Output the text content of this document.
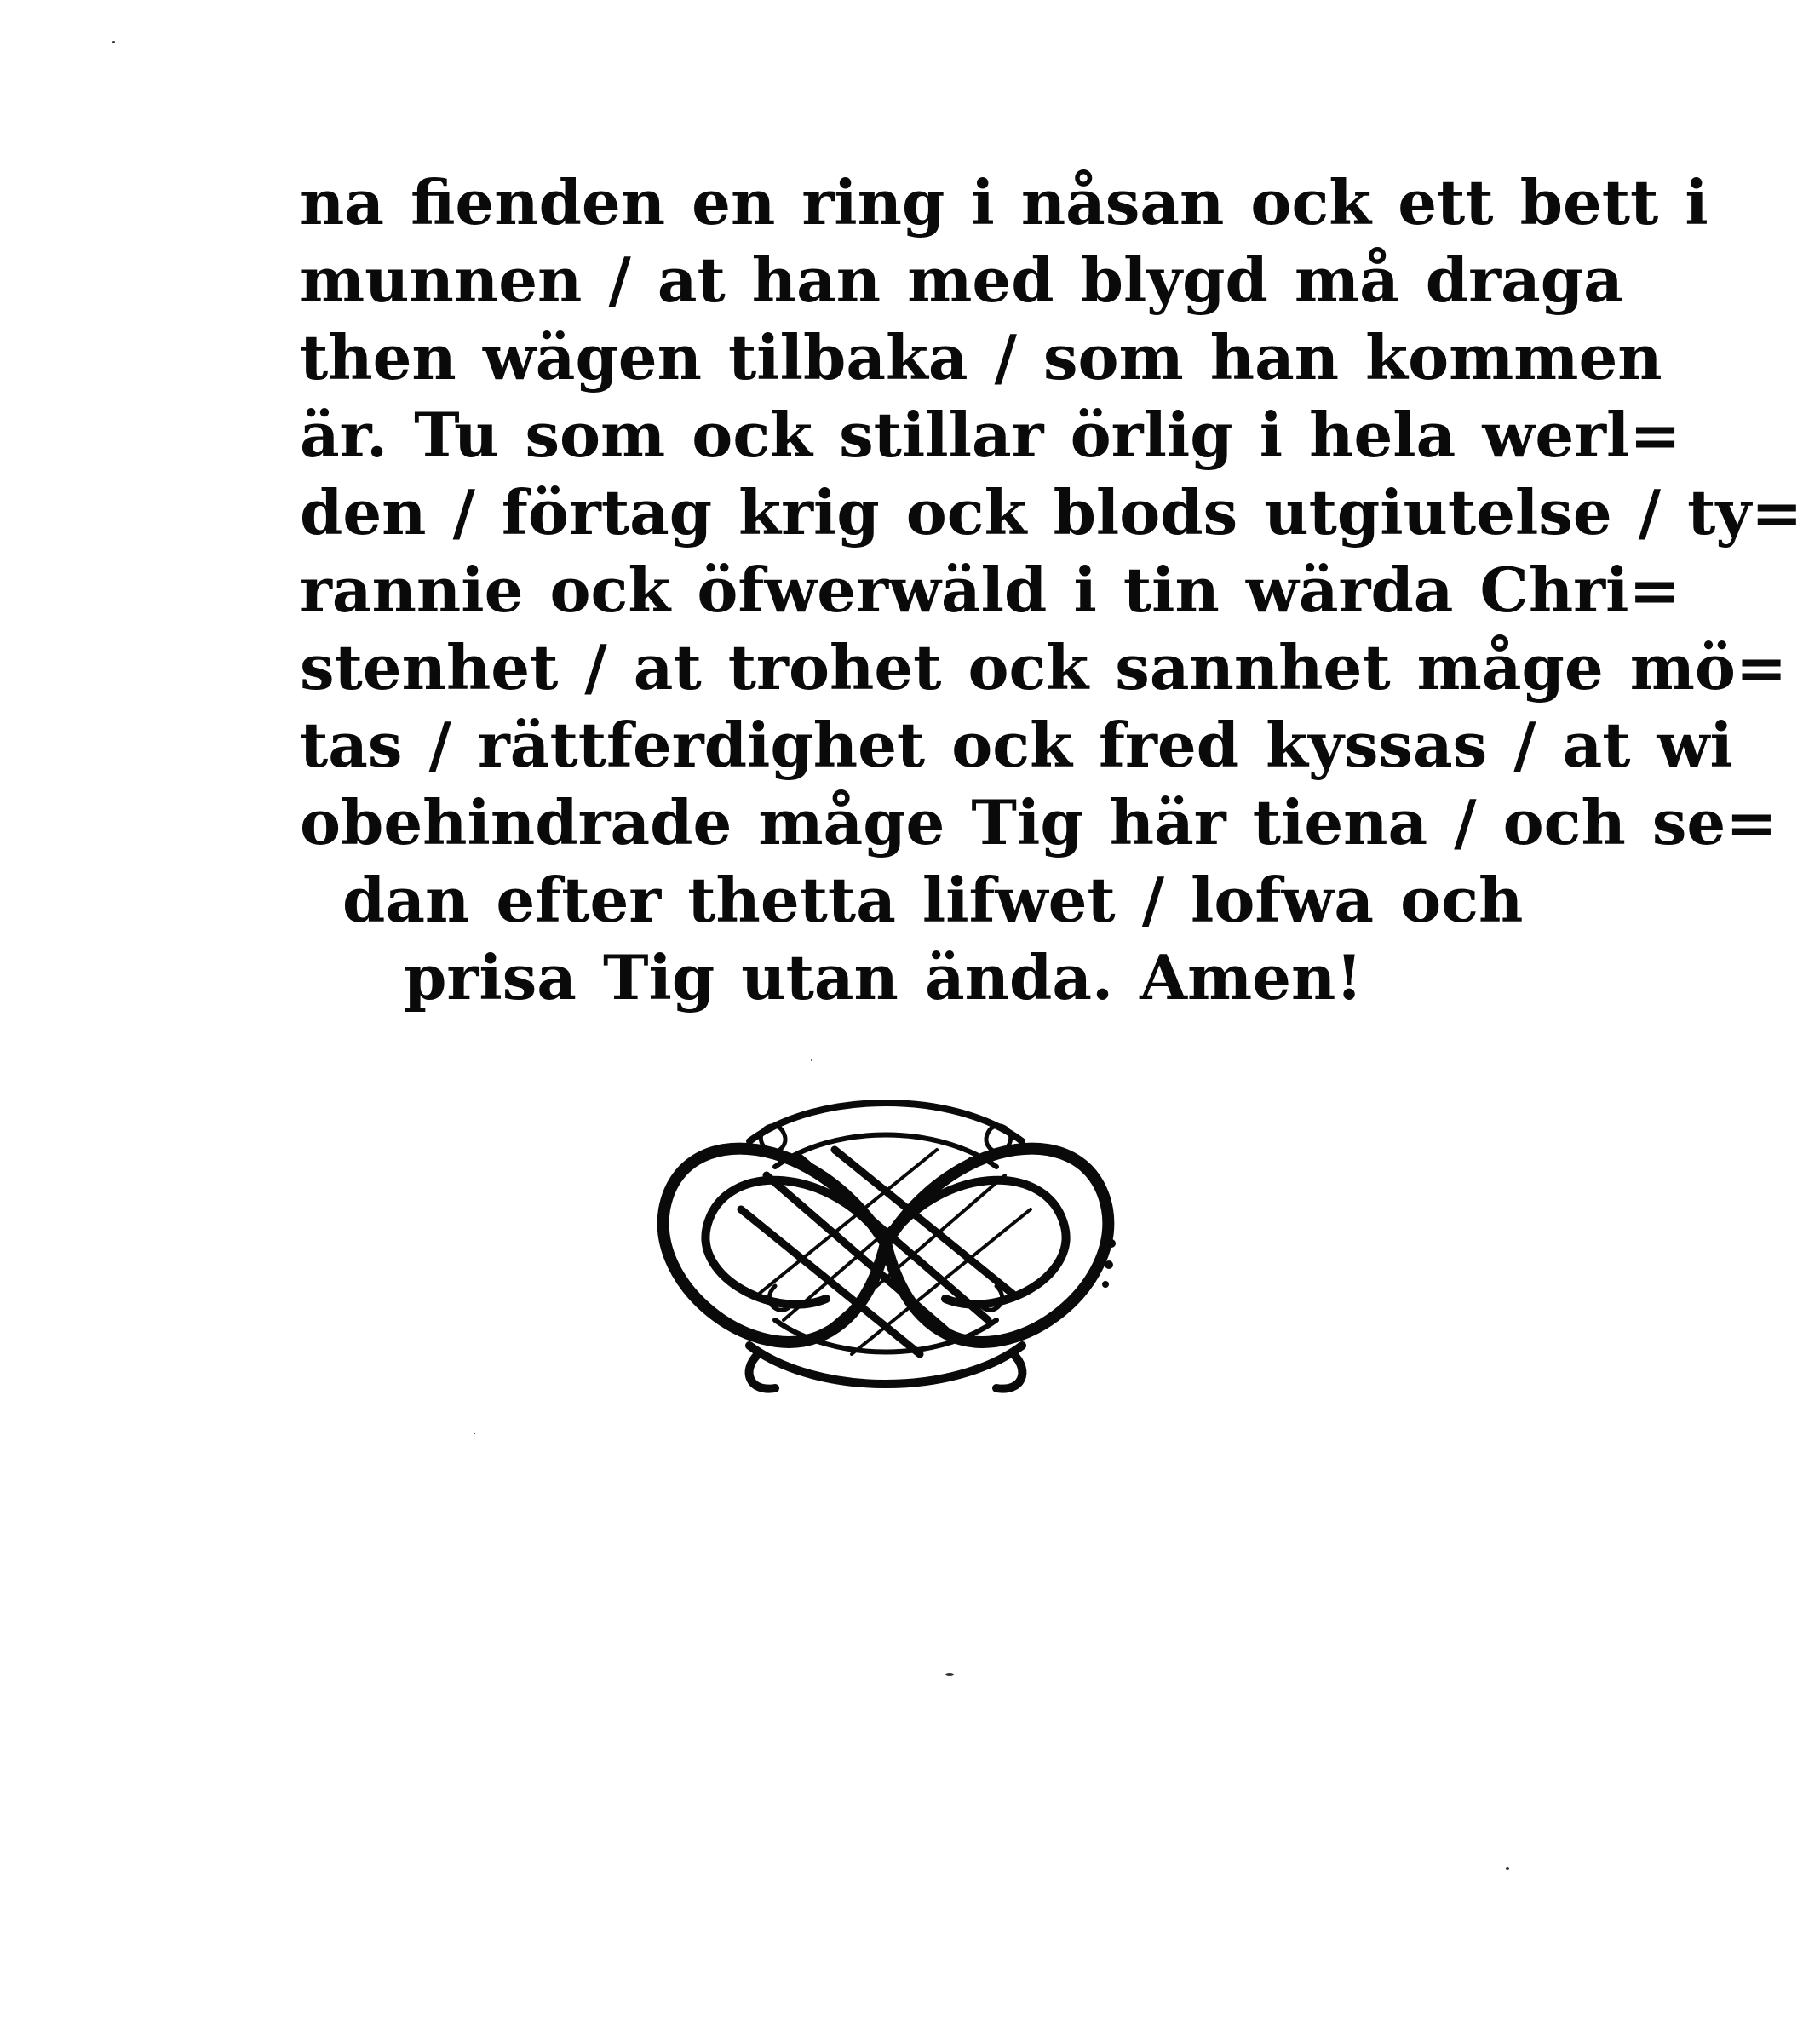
na fienden en ring i nåsan ock ett bett i
munnen / at han med blygd må draga
then wägen tilbaka / som han kommen
är. Tu som ock stillar örlig i hela werl=
den / förtag krig ock blods utgiutelse / ty=
rannie ock öfwerwäld i tin wärda Chri=
stenhet / at trohet ock sannhet måge mö=
tas / rättferdighet ock fred kyssas / at wi
obehindrade måge Tig här tiena / och se=
dan efter thetta lifwet / lofwa och
prisa Tig utan ända. Amen!
